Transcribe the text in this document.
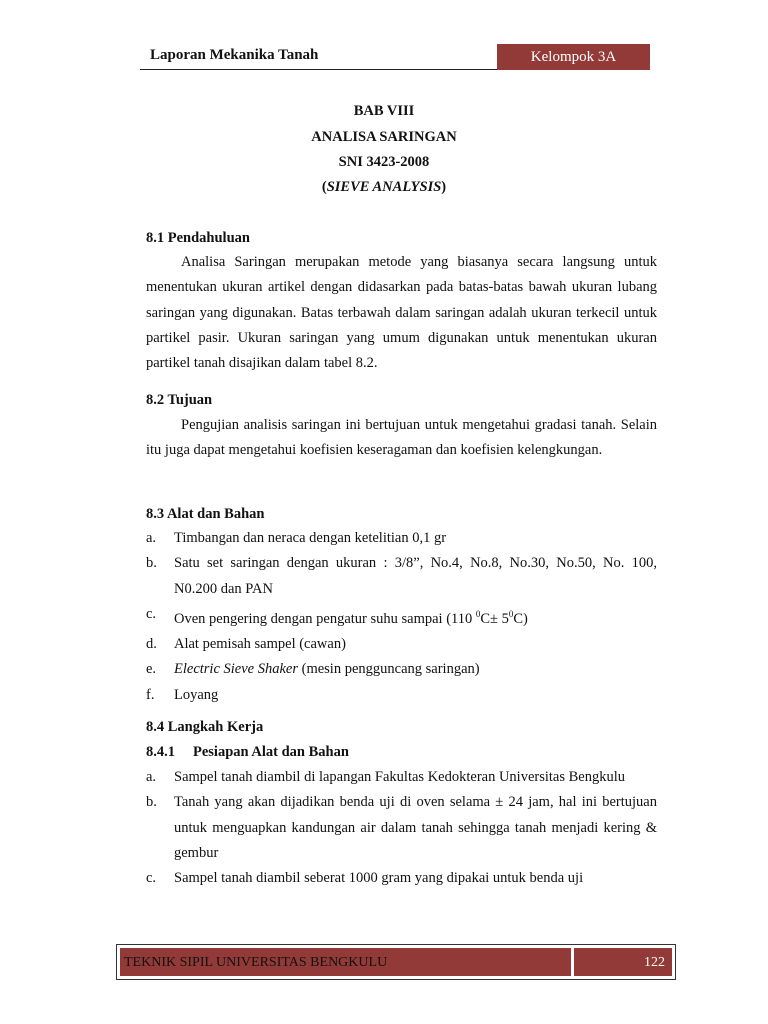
Laporan Mekanika Tanah	Kelompok 3A
BAB VIII
ANALISA SARINGAN
SNI 3423-2008
(SIEVE ANALYSIS)
8.1 Pendahuluan

Analisa Saringan merupakan metode yang biasanya secara langsung untuk menentukan ukuran artikel dengan didasarkan pada batas-batas bawah ukuran lubang saringan yang digunakan. Batas terbawah dalam saringan adalah ukuran terkecil untuk partikel pasir. Ukuran saringan yang umum digunakan untuk menentukan ukuran partikel tanah disajikan dalam tabel 8.2.

8.2 Tujuan

Pengujian analisis saringan ini bertujuan untuk mengetahui gradasi tanah. Selain itu juga dapat mengetahui koefisien keseragaman dan koefisien kelengkungan.

8.3 Alat dan Bahan
a. Timbangan dan neraca dengan ketelitian 0,1 gr
b. Satu set saringan dengan ukuran : 3/8”, No.4, No.8, No.30, No.50, No. 100, N0.200 dan PAN
c. Oven pengering dengan pengatur suhu sampai (110 $^0C\pm 5^0C$)
d. Alat pemisah sampel (cawan)
e. Electric Sieve Shaker (mesin pengguncang saringan)
f. Loyang
8.4 Langkah Kerja
8.4.1 Pesiapan Alat dan Bahan
a. Sampel tanah diambil di lapangan Fakultas Kedokteran Universitas Bengkulu
b. Tanah yang akan dijadikan benda uji di oven selama ± 24 jam, hal ini bertujuan untuk menguapkan kandungan air dalam tanah sehingga tanah menjadi kering & gembur
c. Sampel tanah diambil seberat 1000 gram yang dipakai untuk benda uji
TEKNIK SIPIL UNIVERSITAS BENGKULU	122
